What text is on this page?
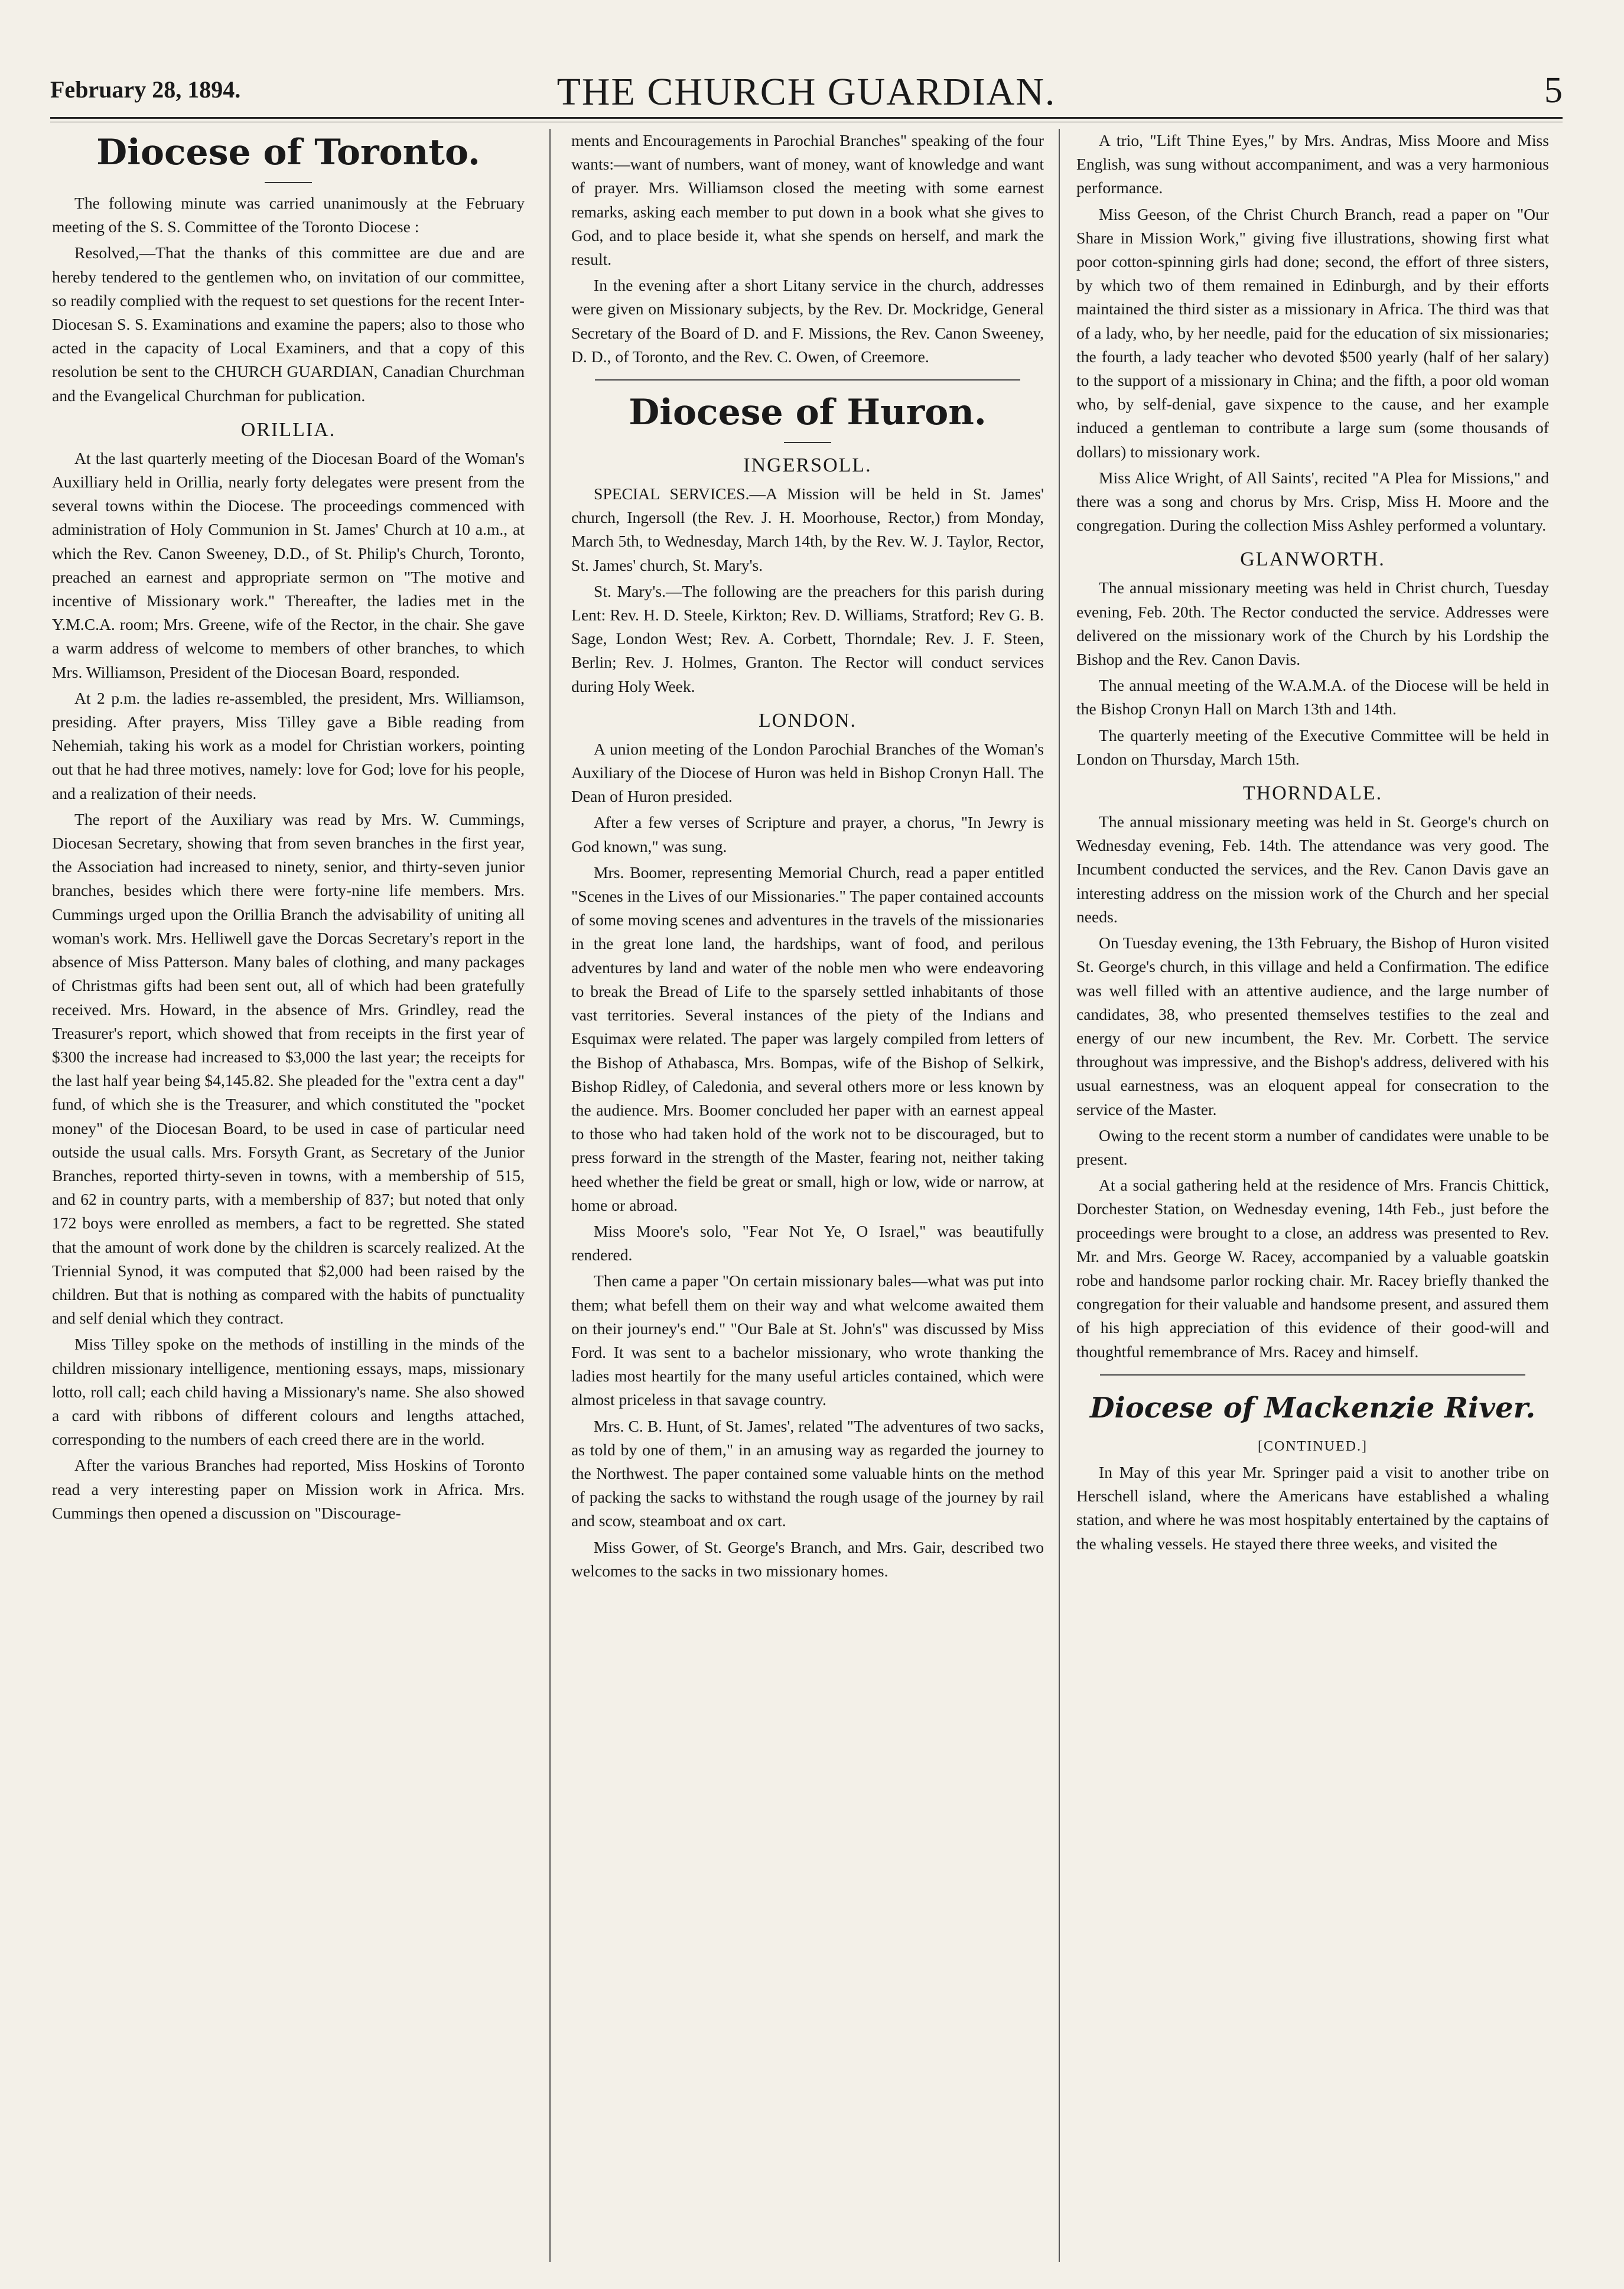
February 28, 1894.	THE CHURCH GUARDIAN.	5
Diocese of Toronto.

The following minute was carried unanimously at the February meeting of the S. S. Committee of the Toronto Diocese :

Resolved,—That the thanks of this committee are due and are hereby tendered to the gentlemen who, on invitation of our committee, so readily complied with the request to set questions for the recent Inter-Diocesan S. S. Examinations and examine the papers; also to those who acted in the capacity of Local Examiners, and that a copy of this resolution be sent to the CHURCH GUARDIAN, Canadian Churchman and the Evangelical Churchman for publication.

ORILLIA.

At the last quarterly meeting of the Diocesan Board of the Woman's Auxilliary held in Orillia, nearly forty delegates were present from the several towns within the Diocese. The proceedings commenced with administration of Holy Communion in St. James' Church at 10 a.m., at which the Rev. Canon Sweeney, D.D., of St. Philip's Church, Toronto, preached an earnest and appropriate sermon on "The motive and incentive of Missionary work." Thereafter, the ladies met in the Y.M.C.A. room; Mrs. Greene, wife of the Rector, in the chair. She gave a warm address of welcome to members of other branches, to which Mrs. Williamson, President of the Diocesan Board, responded.

At 2 p.m. the ladies re-assembled, the president, Mrs. Williamson, presiding. After prayers, Miss Tilley gave a Bible reading from Nehemiah, taking his work as a model for Christian workers, pointing out that he had three motives, namely: love for God; love for his people, and a realization of their needs.

The report of the Auxiliary was read by Mrs. W. Cummings, Diocesan Secretary, showing that from seven branches in the first year, the Association had increased to ninety, senior, and thirty-seven junior branches, besides which there were forty-nine life members. Mrs. Cummings urged upon the Orillia Branch the advisability of uniting all woman's work. Mrs. Helliwell gave the Dorcas Secretary's report in the absence of Miss Patterson. Many bales of clothing, and many packages of Christmas gifts had been sent out, all of which had been gratefully received. Mrs. Howard, in the absence of Mrs. Grindley, read the Treasurer's report, which showed that from receipts in the first year of $300 the increase had increased to $3,000 the last year; the receipts for the last half year being $4,145.82. She pleaded for the "extra cent a day" fund, of which she is the Treasurer, and which constituted the "pocket money" of the Diocesan Board, to be used in case of particular need outside the usual calls. Mrs. Forsyth Grant, as Secretary of the Junior Branches, reported thirty-seven in towns, with a membership of 515, and 62 in country parts, with a membership of 837; but noted that only 172 boys were enrolled as members, a fact to be regretted. She stated that the amount of work done by the children is scarcely realized. At the Triennial Synod, it was computed that $2,000 had been raised by the children. But that is nothing as compared with the habits of punctuality and self denial which they contract.

Miss Tilley spoke on the methods of instilling in the minds of the children missionary intelligence, mentioning essays, maps, missionary lotto, roll call; each child having a Missionary's name. She also showed a card with ribbons of different colours and lengths attached, corresponding to the numbers of each creed there are in the world.

After the various Branches had reported, Miss Hoskins of Toronto read a very interesting paper on Mission work in Africa. Mrs. Cummings then opened a discussion on "Discourage-

ments and Encouragements in Parochial Branches" speaking of the four wants:—want of numbers, want of money, want of knowledge and want of prayer. Mrs. Williamson closed the meeting with some earnest remarks, asking each member to put down in a book what she gives to God, and to place beside it, what she spends on herself, and mark the result.

In the evening after a short Litany service in the church, addresses were given on Missionary subjects, by the Rev. Dr. Mockridge, General Secretary of the Board of D. and F. Missions, the Rev. Canon Sweeney, D. D., of Toronto, and the Rev. C. Owen, of Creemore.

Diocese of Huron.
INGERSOLL.

SPECIAL SERVICES.—A Mission will be held in St. James' church, Ingersoll (the Rev. J. H. Moorhouse, Rector,) from Monday, March 5th, to Wednesday, March 14th, by the Rev. W. J. Taylor, Rector, St. James' church, St. Mary's.

St. Mary's.—The following are the preachers for this parish during Lent: Rev. H. D. Steele, Kirkton; Rev. D. Williams, Stratford; Rev G. B. Sage, London West; Rev. A. Corbett, Thorndale; Rev. J. F. Steen, Berlin; Rev. J. Holmes, Granton. The Rector will conduct services during Holy Week.

LONDON.

A union meeting of the London Parochial Branches of the Woman's Auxiliary of the Diocese of Huron was held in Bishop Cronyn Hall. The Dean of Huron presided.

After a few verses of Scripture and prayer, a chorus, "In Jewry is God known," was sung.

Mrs. Boomer, representing Memorial Church, read a paper entitled "Scenes in the Lives of our Missionaries." The paper contained accounts of some moving scenes and adventures in the travels of the missionaries in the great lone land, the hardships, want of food, and perilous adventures by land and water of the noble men who were endeavoring to break the Bread of Life to the sparsely settled inhabitants of those vast territories. Several instances of the piety of the Indians and Esquimax were related. The paper was largely compiled from letters of the Bishop of Athabasca, Mrs. Bompas, wife of the Bishop of Selkirk, Bishop Ridley, of Caledonia, and several others more or less known by the audience. Mrs. Boomer concluded her paper with an earnest appeal to those who had taken hold of the work not to be discouraged, but to press forward in the strength of the Master, fearing not, neither taking heed whether the field be great or small, high or low, wide or narrow, at home or abroad.

Miss Moore's solo, "Fear Not Ye, O Israel," was beautifully rendered.

Then came a paper "On certain missionary bales—what was put into them; what befell them on their way and what welcome awaited them on their journey's end." "Our Bale at St. John's" was discussed by Miss Ford. It was sent to a bachelor missionary, who wrote thanking the ladies most heartily for the many useful articles contained, which were almost priceless in that savage country.

Mrs. C. B. Hunt, of St. James', related "The adventures of two sacks, as told by one of them," in an amusing way as regarded the journey to the Northwest. The paper contained some valuable hints on the method of packing the sacks to withstand the rough usage of the journey by rail and scow, steamboat and ox cart.

Miss Gower, of St. George's Branch, and Mrs. Gair, described two welcomes to the sacks in two missionary homes.

A trio, "Lift Thine Eyes," by Mrs. Andras, Miss Moore and Miss English, was sung without accompaniment, and was a very harmonious performance.

Miss Geeson, of the Christ Church Branch, read a paper on "Our Share in Mission Work," giving five illustrations, showing first what poor cotton-spinning girls had done; second, the effort of three sisters, by which two of them remained in Edinburgh, and by their efforts maintained the third sister as a missionary in Africa. The third was that of a lady, who, by her needle, paid for the education of six missionaries; the fourth, a lady teacher who devoted $500 yearly (half of her salary) to the support of a missionary in China; and the fifth, a poor old woman who, by self-denial, gave sixpence to the cause, and her example induced a gentleman to contribute a large sum (some thousands of dollars) to missionary work.

Miss Alice Wright, of All Saints', recited "A Plea for Missions," and there was a song and chorus by Mrs. Crisp, Miss H. Moore and the congregation. During the collection Miss Ashley performed a voluntary.

GLANWORTH.

The annual missionary meeting was held in Christ church, Tuesday evening, Feb. 20th. The Rector conducted the service. Addresses were delivered on the missionary work of the Church by his Lordship the Bishop and the Rev. Canon Davis.

The annual meeting of the W.A.M.A. of the Diocese will be held in the Bishop Cronyn Hall on March 13th and 14th.

The quarterly meeting of the Executive Committee will be held in London on Thursday, March 15th.

THORNDALE.

The annual missionary meeting was held in St. George's church on Wednesday evening, Feb. 14th. The attendance was very good. The Incumbent conducted the services, and the Rev. Canon Davis gave an interesting address on the mission work of the Church and her special needs.

On Tuesday evening, the 13th February, the Bishop of Huron visited St. George's church, in this village and held a Confirmation. The edifice was well filled with an attentive audience, and the large number of candidates, 38, who presented themselves testifies to the zeal and energy of our new incumbent, the Rev. Mr. Corbett. The service throughout was impressive, and the Bishop's address, delivered with his usual earnestness, was an eloquent appeal for consecration to the service of the Master.

Owing to the recent storm a number of candidates were unable to be present.

At a social gathering held at the residence of Mrs. Francis Chittick, Dorchester Station, on Wednesday evening, 14th Feb., just before the proceedings were brought to a close, an address was presented to Rev. Mr. and Mrs. George W. Racey, accompanied by a valuable goatskin robe and handsome parlor rocking chair. Mr. Racey briefly thanked the congregation for their valuable and handsome present, and assured them of his high appreciation of this evidence of their good-will and thoughtful remembrance of Mrs. Racey and himself.

Diocese of Mackenzie River.
[CONTINUED.]

In May of this year Mr. Springer paid a visit to another tribe on Herschell island, where the Americans have established a whaling station, and where he was most hospitably entertained by the captains of the whaling vessels. He stayed there three weeks, and visited the
